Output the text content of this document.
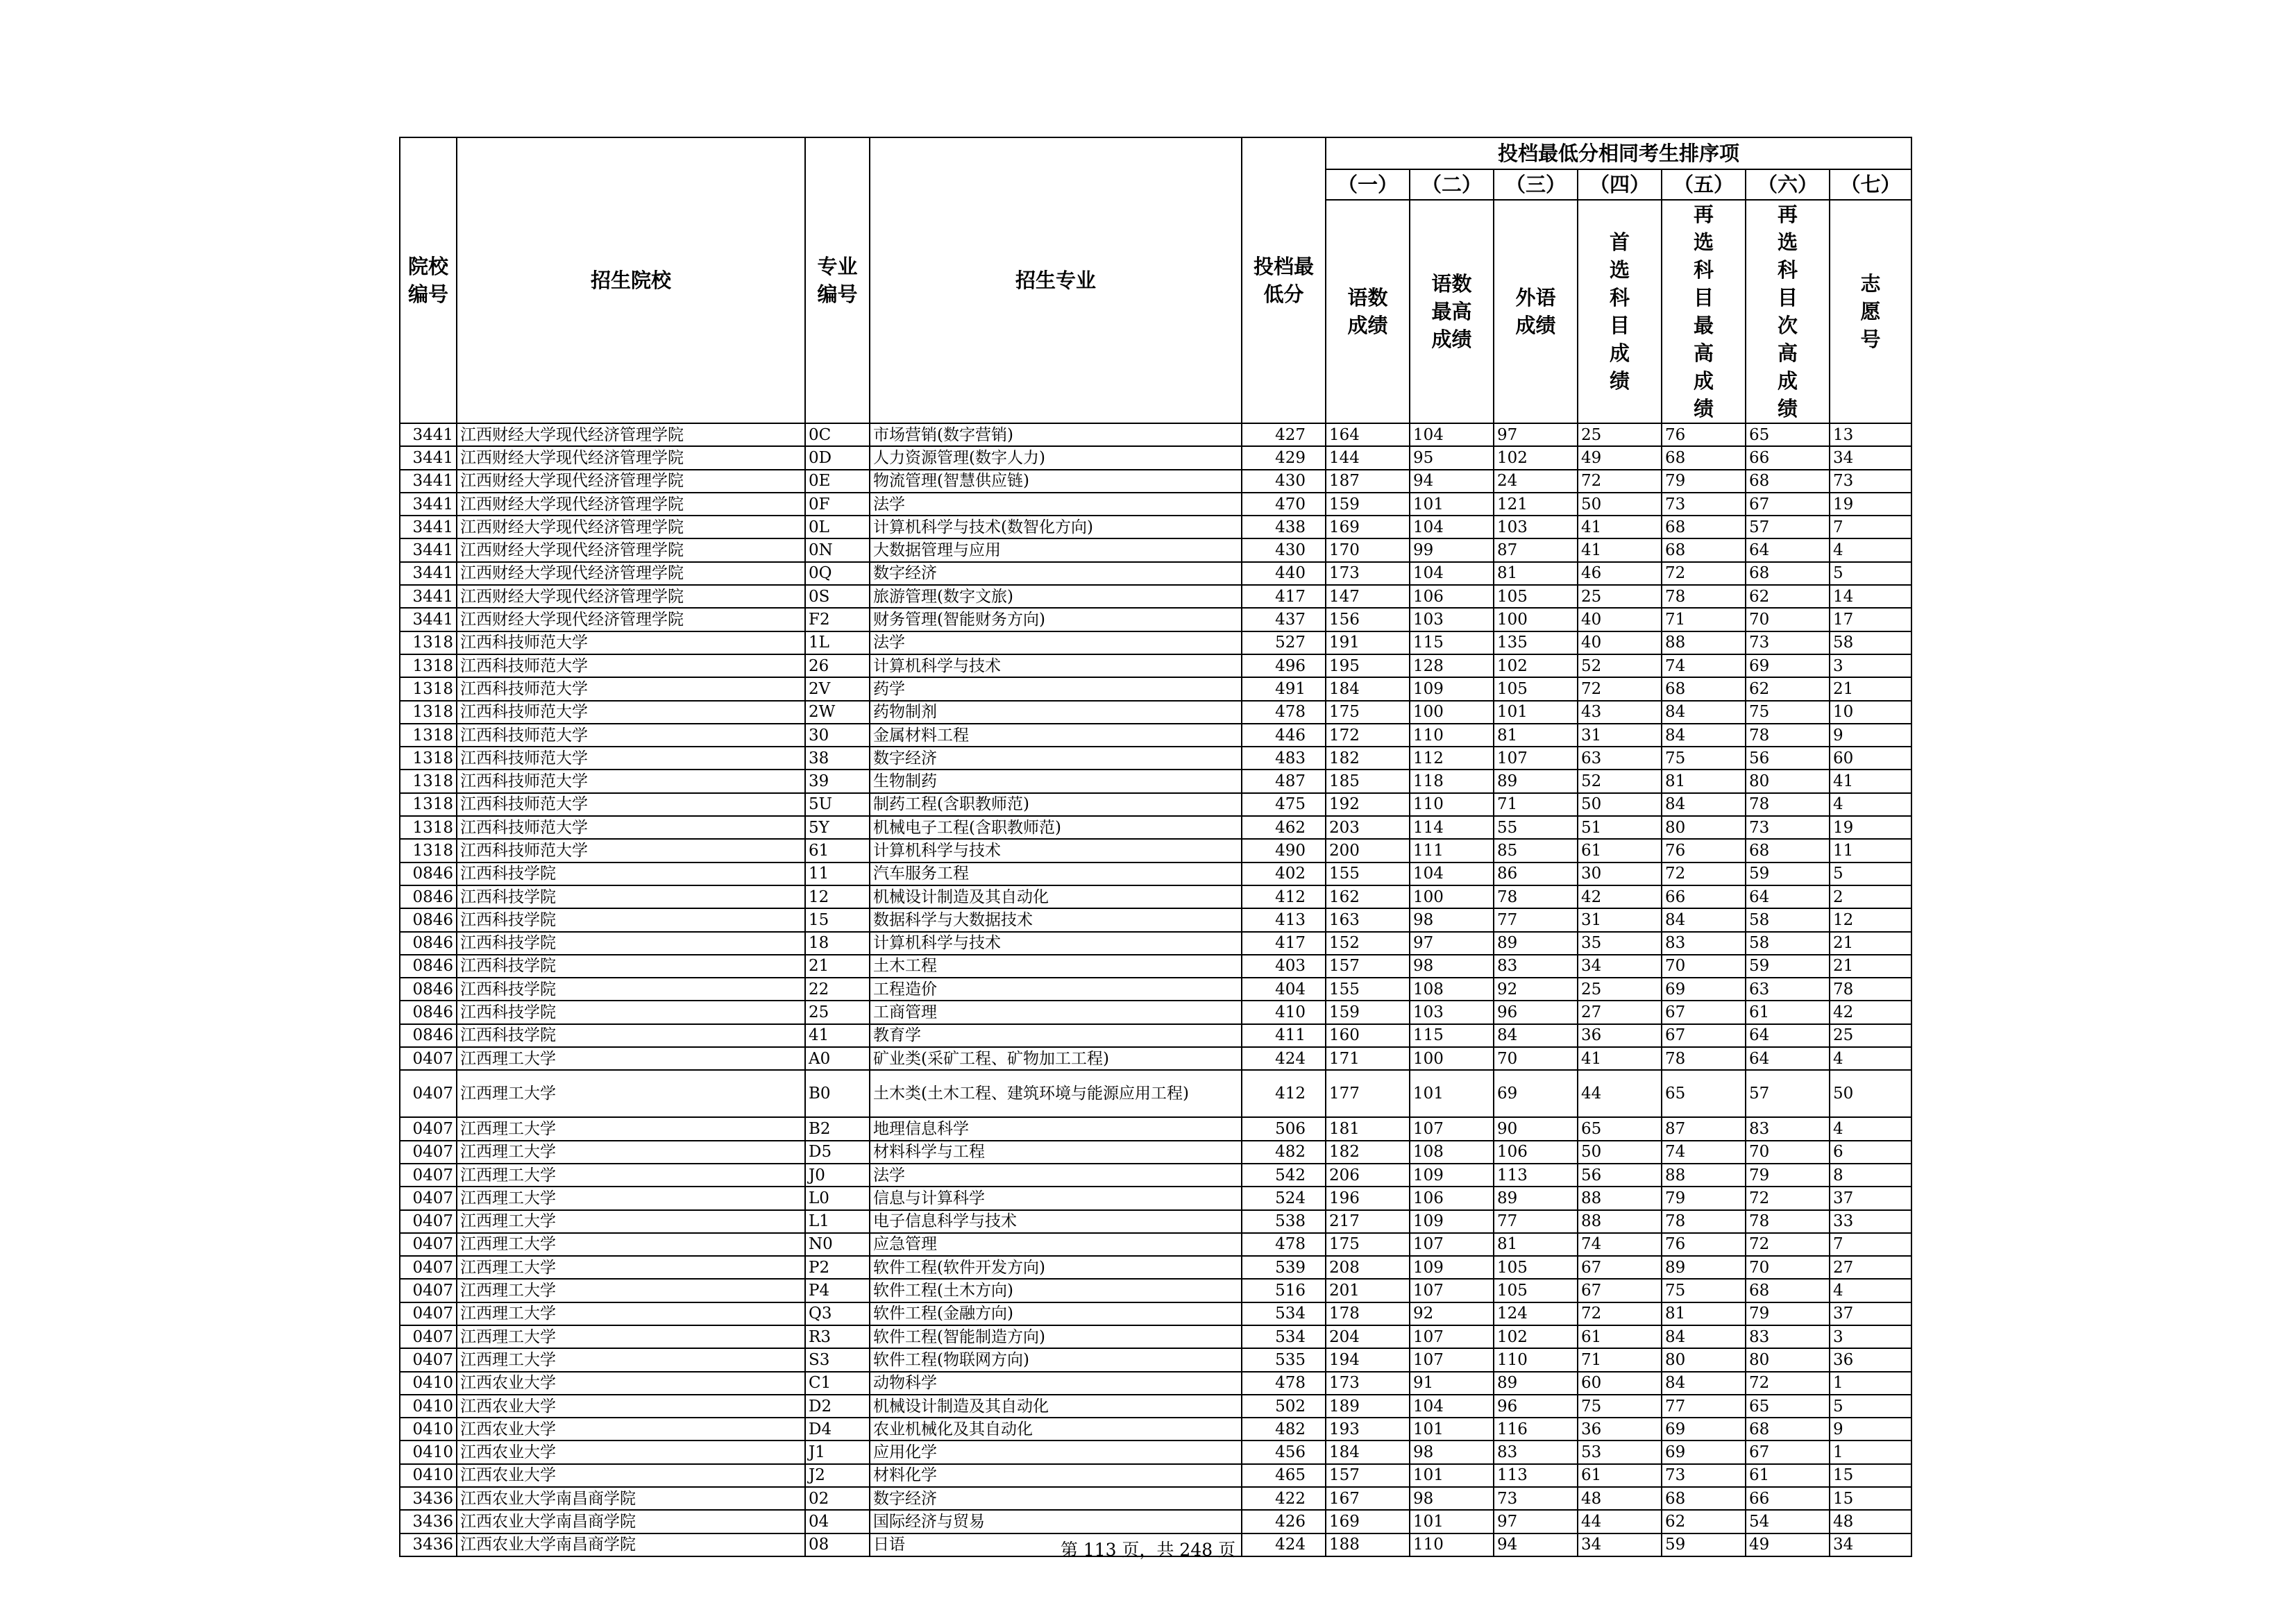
院校编号	招生院校	专业编号	招生专业	投档最低分	投档最低分相同考生排序项						
					（一）	（二）	（三）	（四）	（五）	（六）	（七）
					语数成绩	语数最高成绩	外语成绩	首选科目成绩	再选科目最高成绩	再选科目次高成绩	志愿号
3441	江西财经大学现代经济管理学院	0C	市场营销(数字营销)	427	164	104	97	25	76	65	13
3441	江西财经大学现代经济管理学院	0D	人力资源管理(数字人力)	429	144	95	102	49	68	66	34
3441	江西财经大学现代经济管理学院	0E	物流管理(智慧供应链)	430	187	94	24	72	79	68	73
3441	江西财经大学现代经济管理学院	0F	法学	470	159	101	121	50	73	67	19
3441	江西财经大学现代经济管理学院	0L	计算机科学与技术(数智化方向)	438	169	104	103	41	68	57	7
3441	江西财经大学现代经济管理学院	0N	大数据管理与应用	430	170	99	87	41	68	64	4
3441	江西财经大学现代经济管理学院	0Q	数字经济	440	173	104	81	46	72	68	5
3441	江西财经大学现代经济管理学院	0S	旅游管理(数字文旅)	417	147	106	105	25	78	62	14
3441	江西财经大学现代经济管理学院	F2	财务管理(智能财务方向)	437	156	103	100	40	71	70	17
1318	江西科技师范大学	1L	法学	527	191	115	135	40	88	73	58
1318	江西科技师范大学	26	计算机科学与技术	496	195	128	102	52	74	69	3
1318	江西科技师范大学	2V	药学	491	184	109	105	72	68	62	21
1318	江西科技师范大学	2W	药物制剂	478	175	100	101	43	84	75	10
1318	江西科技师范大学	30	金属材料工程	446	172	110	81	31	84	78	9
1318	江西科技师范大学	38	数字经济	483	182	112	107	63	75	56	60
1318	江西科技师范大学	39	生物制药	487	185	118	89	52	81	80	41
1318	江西科技师范大学	5U	制药工程(含职教师范)	475	192	110	71	50	84	78	4
1318	江西科技师范大学	5Y	机械电子工程(含职教师范)	462	203	114	55	51	80	73	19
1318	江西科技师范大学	61	计算机科学与技术	490	200	111	85	61	76	68	11
0846	江西科技学院	11	汽车服务工程	402	155	104	86	30	72	59	5
0846	江西科技学院	12	机械设计制造及其自动化	412	162	100	78	42	66	64	2
0846	江西科技学院	15	数据科学与大数据技术	413	163	98	77	31	84	58	12
0846	江西科技学院	18	计算机科学与技术	417	152	97	89	35	83	58	21
0846	江西科技学院	21	土木工程	403	157	98	83	34	70	59	21
0846	江西科技学院	22	工程造价	404	155	108	92	25	69	63	78
0846	江西科技学院	25	工商管理	410	159	103	96	27	67	61	42
0846	江西科技学院	41	教育学	411	160	115	84	36	67	64	25
0407	江西理工大学	A0	矿业类(采矿工程、矿物加工工程)	424	171	100	70	41	78	64	4
0407	江西理工大学	B0	土木类(土木工程、建筑环境与能源应用工程)	412	177	101	69	44	65	57	50
0407	江西理工大学	B2	地理信息科学	506	181	107	90	65	87	83	4
0407	江西理工大学	D5	材料科学与工程	482	182	108	106	50	74	70	6
0407	江西理工大学	J0	法学	542	206	109	113	56	88	79	8
0407	江西理工大学	L0	信息与计算科学	524	196	106	89	88	79	72	37
0407	江西理工大学	L1	电子信息科学与技术	538	217	109	77	88	78	78	33
0407	江西理工大学	N0	应急管理	478	175	107	81	74	76	72	7
0407	江西理工大学	P2	软件工程(软件开发方向)	539	208	109	105	67	89	70	27
0407	江西理工大学	P4	软件工程(土木方向)	516	201	107	105	67	75	68	4
0407	江西理工大学	Q3	软件工程(金融方向)	534	178	92	124	72	81	79	37
0407	江西理工大学	R3	软件工程(智能制造方向)	534	204	107	102	61	84	83	3
0407	江西理工大学	S3	软件工程(物联网方向)	535	194	107	110	71	80	80	36
0410	江西农业大学	C1	动物科学	478	173	91	89	60	84	72	1
0410	江西农业大学	D2	机械设计制造及其自动化	502	189	104	96	75	77	65	5
0410	江西农业大学	D4	农业机械化及其自动化	482	193	101	116	36	69	68	9
0410	江西农业大学	J1	应用化学	456	184	98	83	53	69	67	1
0410	江西农业大学	J2	材料化学	465	157	101	113	61	73	61	15
3436	江西农业大学南昌商学院	02	数字经济	422	167	98	73	48	68	66	15
3436	江西农业大学南昌商学院	04	国际经济与贸易	426	169	101	97	44	62	54	48
3436	江西农业大学南昌商学院	08	日语	424	188	110	94	34	59	49	34
第 113 页，共 248 页
